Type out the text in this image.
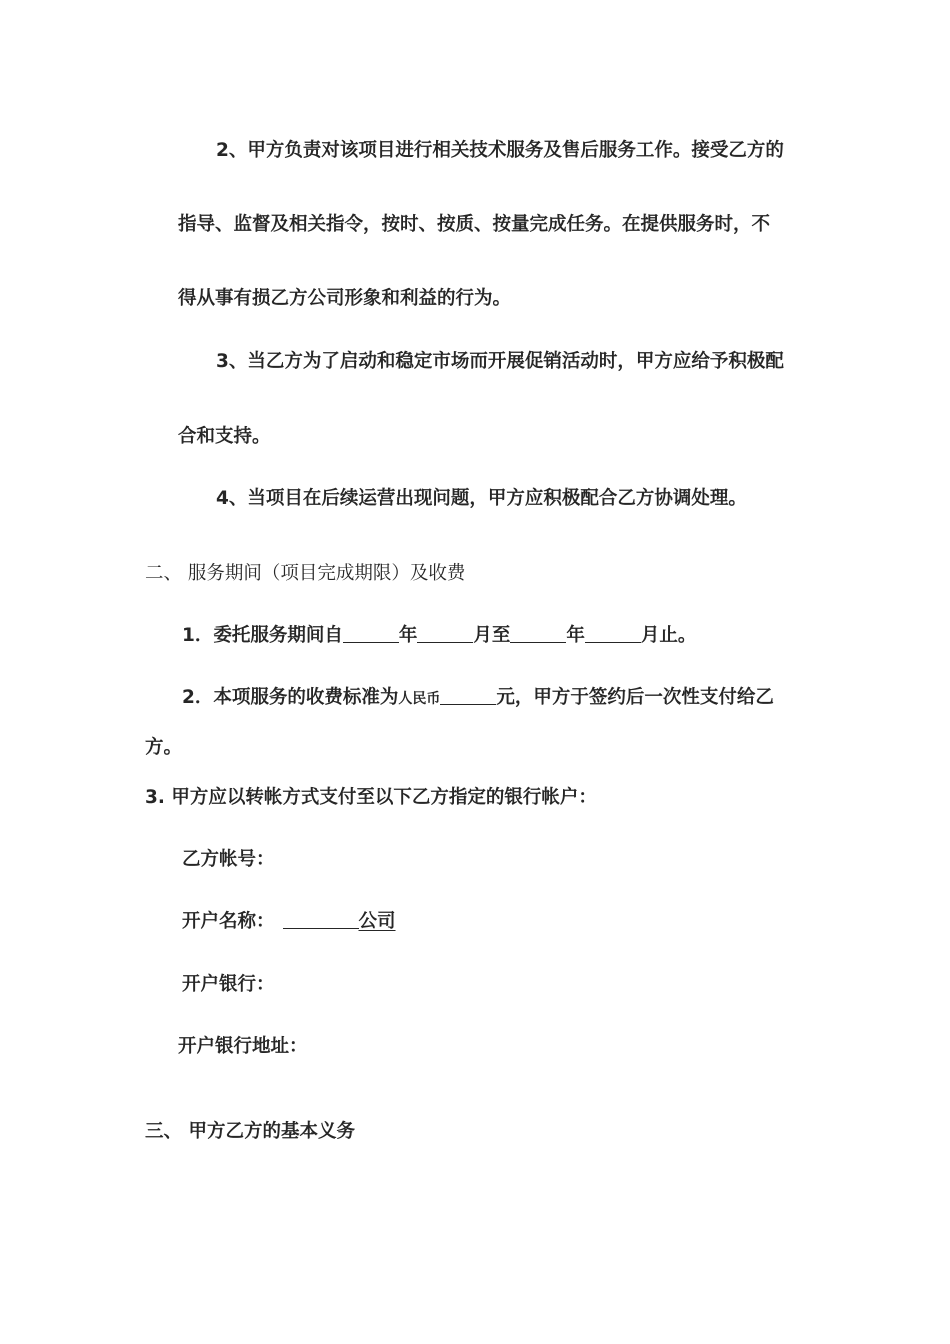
2、甲方负责对该项目进行相关技术服务及售后服务工作。接受乙方的
指导、监督及相关指令，按时、按质、按量完成任务。在提供服务时，不
得从事有损乙方公司形象和利益的行为。
3、当乙方为了启动和稳定市场而开展促销活动时，甲方应给予积极配
合和支持。
4、当项目在后续运营出现问题，甲方应积极配合乙方协调处理。
二、 服务期间（项目完成期限）及收费
1．委托服务期间自	年	月至	年	月止。
2．本项服务的收费标准为人民币	元，甲方于签约后一次性支付给乙
方。
3. 甲方应以转帐方式支付至以下乙方指定的银行帐户：
乙方帐号：
开户名称：	公司
开户银行：
开户银行地址：
三、 甲方乙方的基本义务
